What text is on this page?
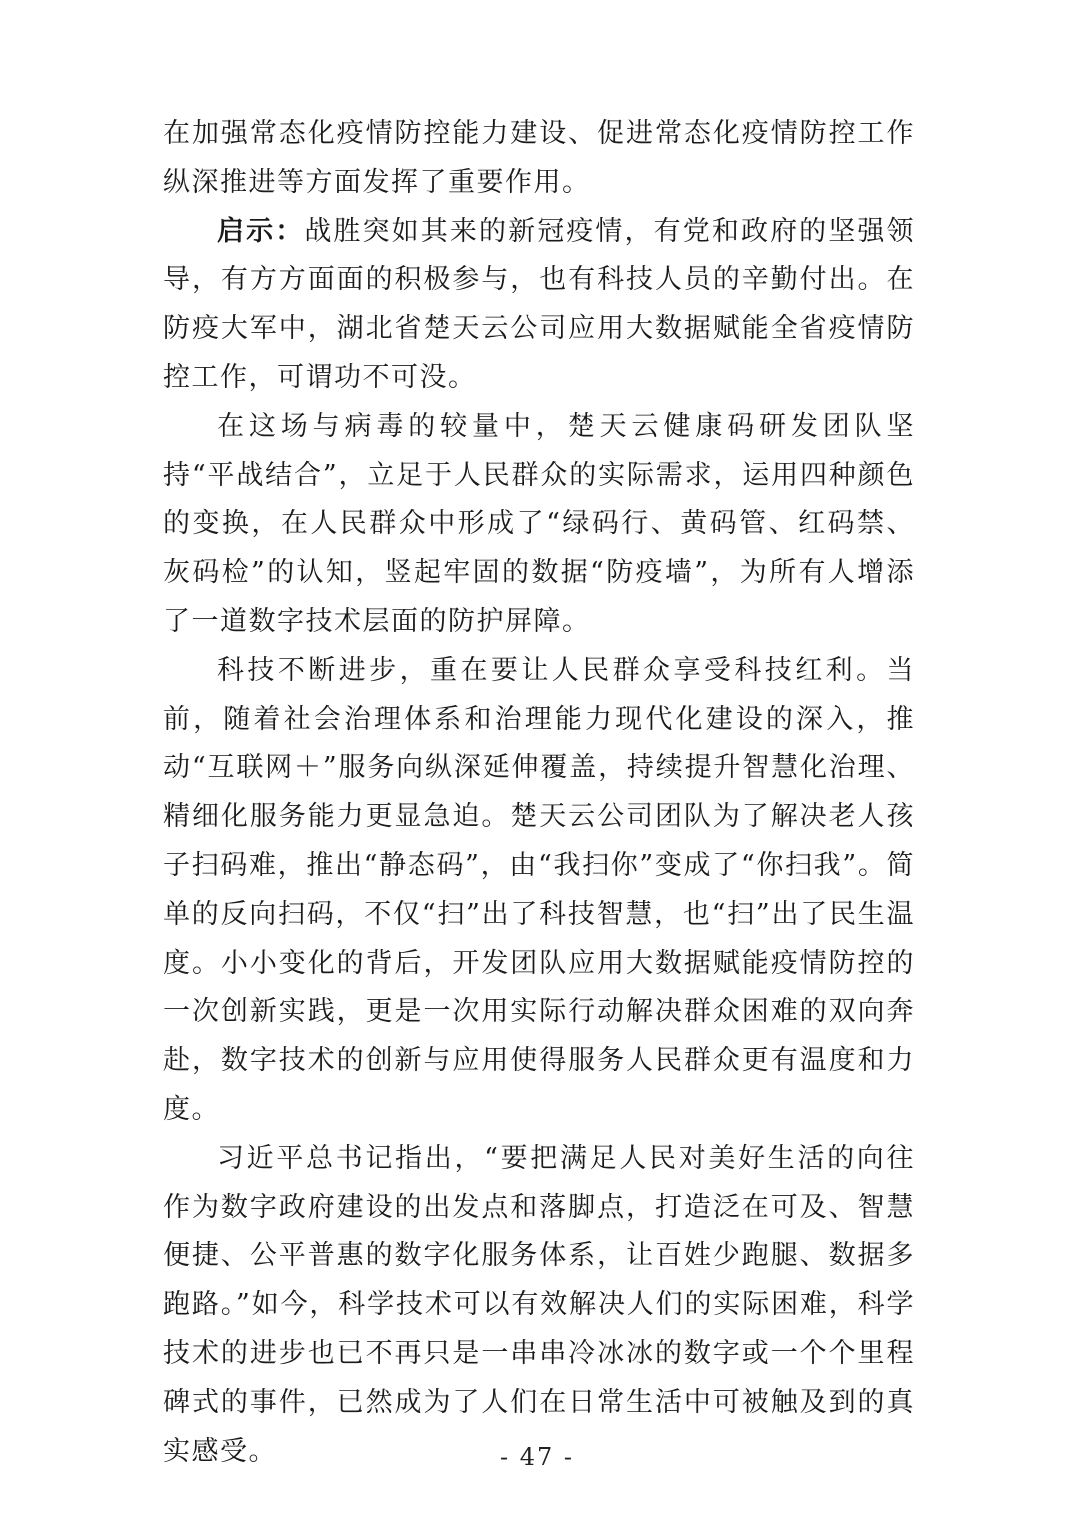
在加强常态化疫情防控能力建设、促进常态化疫情防控工作纵深推进等方面发挥了重要作用。

启示：战胜突如其来的新冠疫情，有党和政府的坚强领导，有方方面面的积极参与，也有科技人员的辛勤付出。在防疫大军中，湖北省楚天云公司应用大数据赋能全省疫情防控工作，可谓功不可没。

在这场与病毒的较量中，楚天云健康码研发团队坚持“平战结合”，立足于人民群众的实际需求，运用四种颜色的变换，在人民群众中形成了“绿码行、黄码管、红码禁、灰码检”的认知，竖起牢固的数据“防疫墙”，为所有人增添了一道数字技术层面的防护屏障。

科技不断进步，重在要让人民群众享受科技红利。当前，随着社会治理体系和治理能力现代化建设的深入，推动“互联网＋”服务向纵深延伸覆盖，持续提升智慧化治理、精细化服务能力更显急迫。楚天云公司团队为了解决老人孩子扫码难，推出“静态码”，由“我扫你”变成了“你扫我”。简单的反向扫码，不仅“扫”出了科技智慧，也“扫”出了民生温度。小小变化的背后，开发团队应用大数据赋能疫情防控的一次创新实践，更是一次用实际行动解决群众困难的双向奔赴，数字技术的创新与应用使得服务人民群众更有温度和力度。

习近平总书记指出，“要把满足人民对美好生活的向往作为数字政府建设的出发点和落脚点，打造泛在可及、智慧便捷、公平普惠的数字化服务体系，让百姓少跑腿、数据多跑路。”如今，科学技术可以有效解决人们的实际困难，科学技术的进步也已不再只是一串串冷冰冰的数字或一个个里程碑式的事件，已然成为了人们在日常生活中可被触及到的真实感受。	- 47 -
